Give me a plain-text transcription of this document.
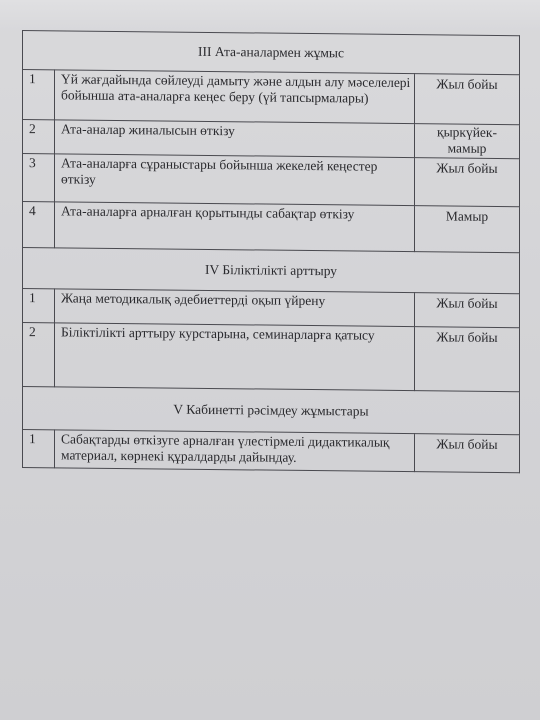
III Ата-аналармен жұмыс		
1	Үй жағдайында сөйлеуді дамыту және алдын алу мәселелері бойынша ата-аналарға кеңес беру (үй тапсырмалары)	Жыл бойы
2	Ата-аналар жиналысын өткізу	қыркүйек-мамыр
3	Ата-аналарға сұраныстары бойынша жекелей кеңестер өткізу	Жыл бойы
4	Ата-аналарға арналған қорытынды сабақтар өткізу	Мамыр
IV Біліктілікті арттыру		
1	Жаңа методикалық әдебиеттерді оқып үйрену	Жыл бойы
2	Біліктілікті арттыру курстарына, семинарларға қатысу	Жыл бойы
V Кабинетті рәсімдеу жұмыстары		
1	Сабақтарды өткізуге арналған үлестірмелі дидактикалық материал, көрнекі құралдарды дайындау.	Жыл бойы
